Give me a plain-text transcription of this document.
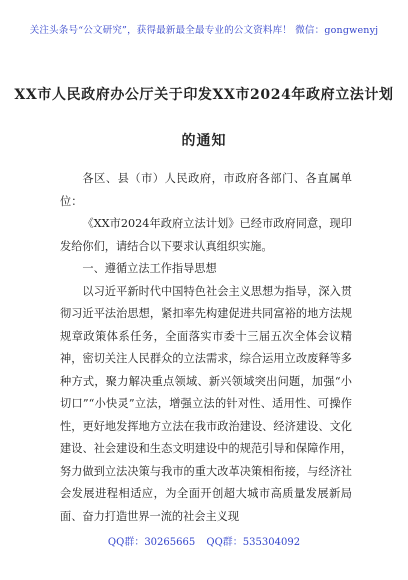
关注头条号“公文研究”，获得最新最全最专业的公文资料库！ 微信：gongwenyj
XX市人民政府办公厅关于印发XX市2024年政府立法计划
的通知

各区、县（市）人民政府，市政府各部门、各直属单位：

《XX市2024年政府立法计划》已经市政府同意，现印发给你们，请结合以下要求认真组织实施。

一、遵循立法工作指导思想

以习近平新时代中国特色社会主义思想为指导，深入贯彻习近平法治思想，紧扣率先构建促进共同富裕的地方法规规章政策体系任务，全面落实市委十三届五次全体会议精神，密切关注人民群众的立法需求，综合运用立改废释等多种方式，聚力解决重点领域、新兴领域突出问题，加强“小切口”“小快灵”立法，增强立法的针对性、适用性、可操作性，更好地发挥地方立法在我市政治建设、经济建设、文化建设、社会建设和生态文明建设中的规范引导和保障作用，努力做到立法决策与我市的重大改革决策相衔接，与经济社会发展进程相适应，为全面开创超大城市高质量发展新局面、奋力打造世界一流的社会主义现

QQ群：30265665 QQ群：535304092
